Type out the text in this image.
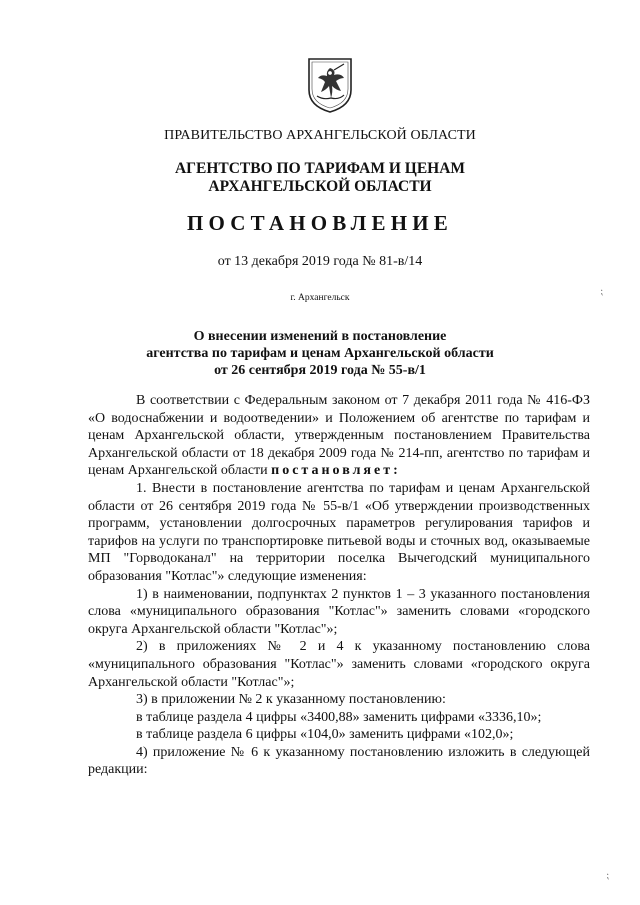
ПРАВИТЕЛЬСТВО АРХАНГЕЛЬСКОЙ ОБЛАСТИ
АГЕНТСТВО ПО ТАРИФАМ И ЦЕНАМ
АРХАНГЕЛЬСКОЙ ОБЛАСТИ
ПОСТАНОВЛЕНИЕ
от 13 декабря 2019 года № 81-в/14
г. Архангельск
О внесении изменений в постановление
агентства по тарифам и ценам Архангельской области
от 26 сентября 2019 года № 55-в/1

В соответствии с Федеральным законом от 7 декабря 2011 года № 416-ФЗ «О водоснабжении и водоотведении» и Положением об агентстве по тарифам и ценам Архангельской области, утвержденным постановлением Правительства Архангельской области от 18 декабря 2009 года № 214-пп, агентство по тарифам и ценам Архангельской области постановляет:

1. Внести в постановление агентства по тарифам и ценам Архангельской области от 26 сентября 2019 года № 55-в/1 «Об утверждении производственных программ, установлении долгосрочных параметров регулирования тарифов и тарифов на услуги по транспортировке питьевой воды и сточных вод, оказываемые МП "Горводоканал" на территории поселка Вычегодский муниципального образования "Котлас"» следующие изменения:

1) в наименовании, подпунктах 2 пунктов 1 – 3 указанного постановления слова «муниципального образования "Котлас"» заменить словами «городского округа Архангельской области "Котлас"»;

2) в приложениях № 2 и 4 к указанному постановлению слова «муниципального образования "Котлас"» заменить словами «городского округа Архангельской области "Котлас"»;

3) в приложении № 2 к указанному постановлению:

в таблице раздела 4 цифры «3400,88» заменить цифрами «3336,10»;

в таблице раздела 6 цифры «104,0» заменить цифрами «102,0»;

4) приложение № 6 к указанному постановлению изложить в следующей редакции:

⁏
⁏
